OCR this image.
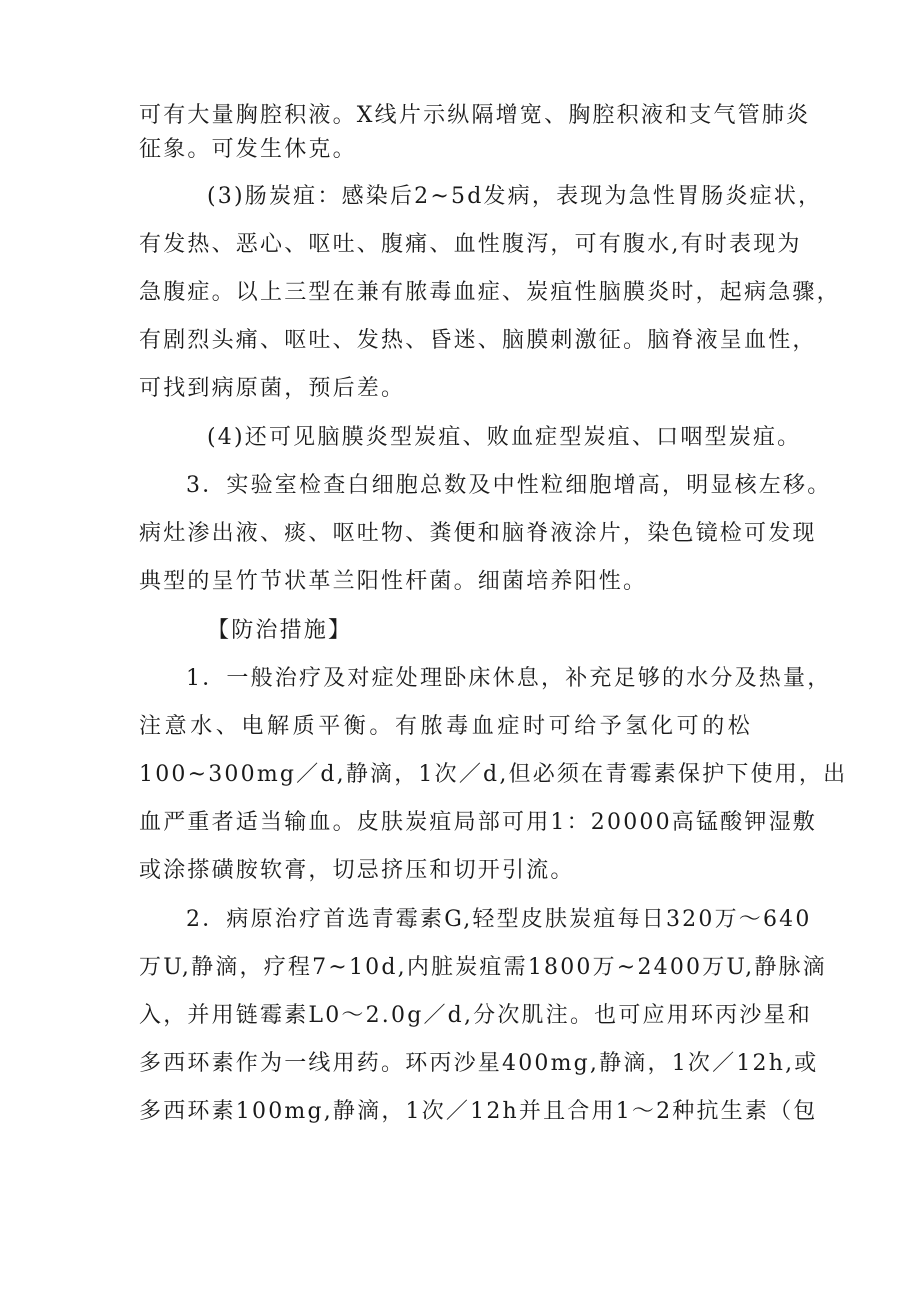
可有大量胸腔积液。X线片示纵隔增宽、胸腔积液和支气管肺炎
征象。可发生休克。
(3)肠炭疽：感染后2~5d发病，表现为急性胃肠炎症状，
有发热、恶心、呕吐、腹痛、血性腹泻，可有腹水,有时表现为
急腹症。以上三型在兼有脓毒血症、炭疽性脑膜炎时，起病急骤，
有剧烈头痛、呕吐、发热、昏迷、脑膜刺激征。脑脊液呈血性，
可找到病原菌，预后差。
(4)还可见脑膜炎型炭疽、败血症型炭疽、口咽型炭疽。
3．实验室检查白细胞总数及中性粒细胞增高，明显核左移。
病灶渗出液、痰、呕吐物、粪便和脑脊液涂片，染色镜检可发现
典型的呈竹节状革兰阳性杆菌。细菌培养阳性。
【防治措施】
1．一般治疗及对症处理卧床休息，补充足够的水分及热量，
注意水、电解质平衡。有脓毒血症时可给予氢化可的松
100~300mg／d,静滴，1次／d,但必须在青霉素保护下使用，出
血严重者适当输血。皮肤炭疽局部可用1：20000高锰酸钾湿敷
或涂搽磺胺软膏，切忌挤压和切开引流。
2．病原治疗首选青霉素G,轻型皮肤炭疽每日320万～640
万U,静滴，疗程7~10d,内脏炭疽需1800万~2400万U,静脉滴
入，并用链霉素L0～2.0g／d,分次肌注。也可应用环丙沙星和
多西环素作为一线用药。环丙沙星400mg,静滴，1次／12h,或
多西环素100mg,静滴，1次／12h并且合用1～2种抗生素（包
